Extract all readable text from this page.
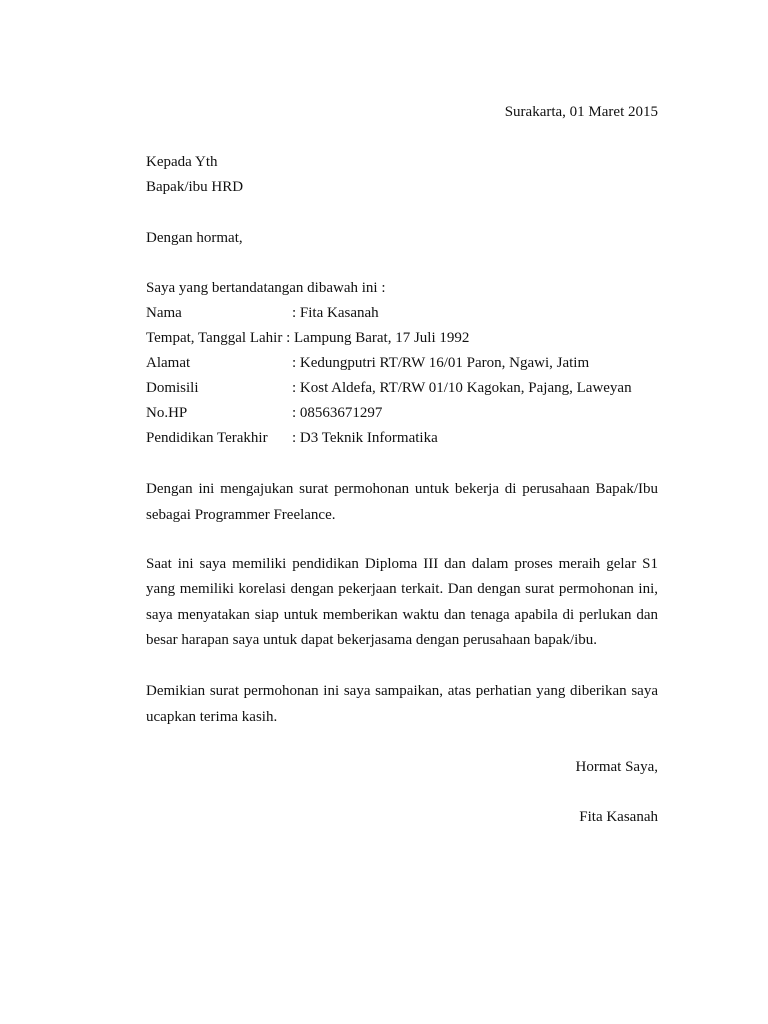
Surakarta, 01 Maret 2015
Kepada Yth
Bapak/ibu HRD
Dengan hormat,
Saya yang bertandatangan dibawah ini :
Nama	: Fita Kasanah
Tempat, Tanggal Lahir : Lampung Barat, 17 Juli 1992
Alamat	: Kedungputri RT/RW 16/01 Paron, Ngawi, Jatim
Domisili	: Kost Aldefa, RT/RW 01/10 Kagokan, Pajang, Laweyan
No.HP	: 08563671297
Pendidikan Terakhir : D3 Teknik Informatika
Dengan ini mengajukan surat permohonan untuk bekerja di perusahaan Bapak/Ibu
sebagai Programmer Freelance.
Saat ini saya memiliki pendidikan Diploma III dan dalam proses meraih gelar S1
yang memiliki korelasi dengan pekerjaan terkait. Dan dengan surat permohonan ini,
saya menyatakan siap untuk memberikan waktu dan tenaga apabila di perlukan dan
besar harapan saya untuk dapat bekerjasama dengan perusahaan bapak/ibu.
Demikian surat permohonan ini saya sampaikan, atas perhatian yang diberikan saya
ucapkan terima kasih.
Hormat Saya,
Fita Kasanah
